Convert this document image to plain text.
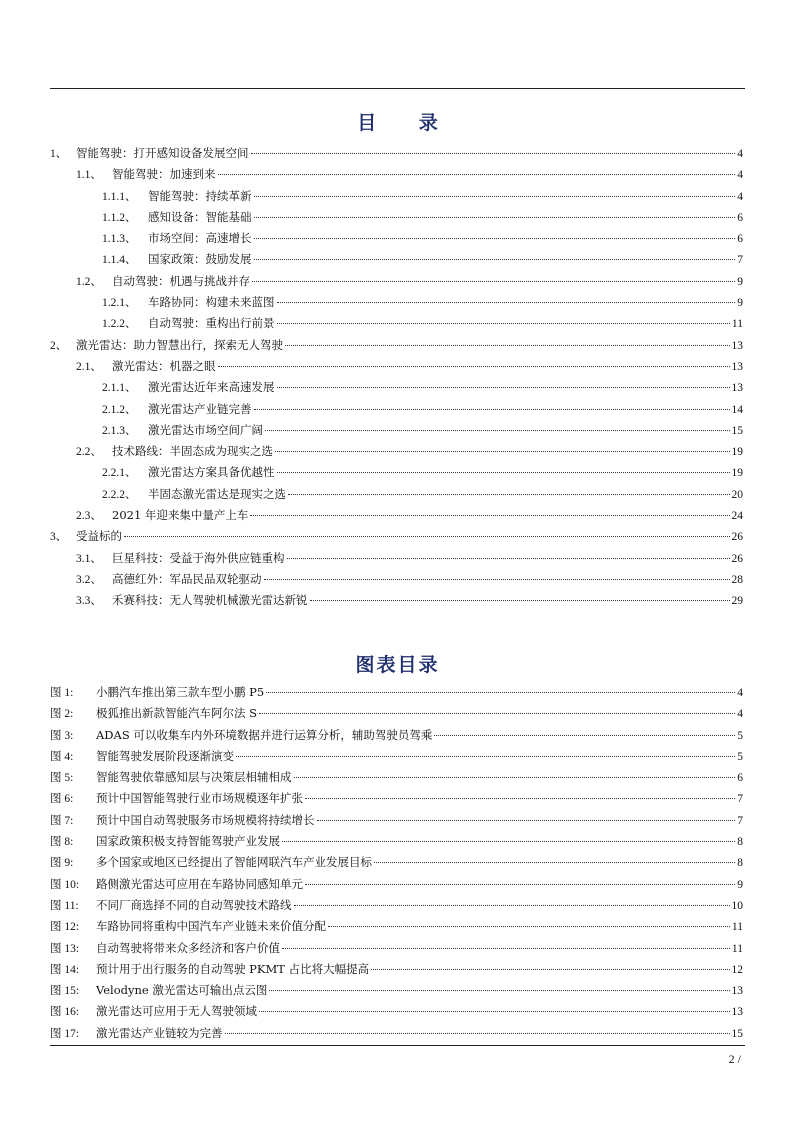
目 录
1、 智能驾驶：打开感知设备发展空间	4
1.1、 智能驾驶：加速到来	4
1.1.1、 智能驾驶：持续革新	4
1.1.2、 感知设备：智能基础	6
1.1.3、 市场空间：高速增长	6
1.1.4、 国家政策：鼓励发展	7
1.2、 自动驾驶：机遇与挑战并存	9
1.2.1、 车路协同：构建未来蓝图	9
1.2.2、 自动驾驶：重构出行前景	11
2、 激光雷达：助力智慧出行，探索无人驾驶	13
2.1、 激光雷达：机器之眼	13
2.1.1、 激光雷达近年来高速发展	13
2.1.2、 激光雷达产业链完善	14
2.1.3、 激光雷达市场空间广阔	15
2.2、 技术路线：半固态成为现实之选	19
2.2.1、 激光雷达方案具备优越性	19
2.2.2、 半固态激光雷达是现实之选	20
2.3、 2021 年迎来集中量产上车	24
3、 受益标的	26
3.1、 巨星科技：受益于海外供应链重构	26
3.2、 高德红外：军品民品双轮驱动	28
3.3、 禾赛科技：无人驾驶机械激光雷达新锐	29
图表目录
图 1: 小鹏汽车推出第三款车型小鹏 P5	4
图 2: 极狐推出新款智能汽车阿尔法 S	4
图 3: ADAS 可以收集车内外环境数据并进行运算分析，辅助驾驶员驾乘	5
图 4: 智能驾驶发展阶段逐渐演变	5
图 5: 智能驾驶依靠感知层与决策层相辅相成	6
图 6: 预计中国智能驾驶行业市场规模逐年扩张	7
图 7: 预计中国自动驾驶服务市场规模将持续增长	7
图 8: 国家政策积极支持智能驾驶产业发展	8
图 9: 多个国家或地区已经提出了智能网联汽车产业发展目标	8
图 10: 路侧激光雷达可应用在车路协同感知单元	9
图 11: 不同厂商选择不同的自动驾驶技术路线	10
图 12: 车路协同将重构中国汽车产业链未来价值分配	11
图 13: 自动驾驶将带来众多经济和客户价值	11
图 14: 预计用于出行服务的自动驾驶 PKMT 占比将大幅提高	12
图 15: Velodyne 激光雷达可输出点云图	13
图 16: 激光雷达可应用于无人驾驶领域	13
图 17: 激光雷达产业链较为完善	15
2 /
